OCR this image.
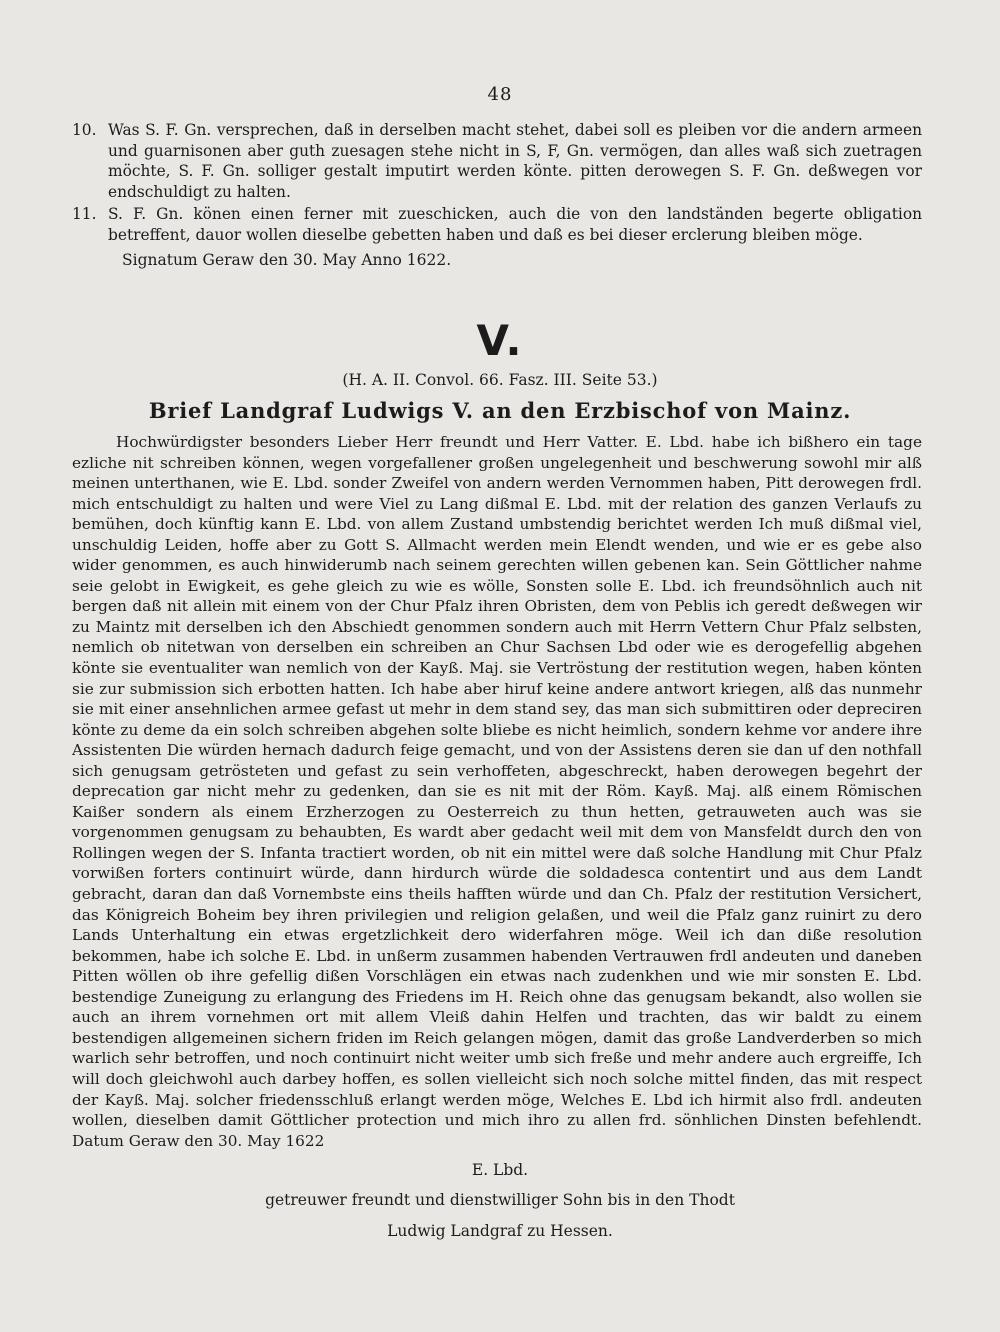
48
10. Was S. F. Gn. versprechen, daß in derselben macht stehet, dabei soll es pleiben vor die andern armeen und guarnisonen aber guth zuesagen stehe nicht in S, F, Gn. vermögen, dan alles waß sich zuetragen möchte, S. F. Gn. solliger gestalt imputirt werden könte. pitten derowegen S. F. Gn. deßwegen vor endschuldigt zu halten.
11. S. F. Gn. könen einen ferner mit zueschicken, auch die von den landständen begerte obligation betreffent, dauor wollen dieselbe gebetten haben und daß es bei dieser erclerung bleiben möge.
Signatum Geraw den 30. May Anno 1622.
V.
(H. A. II. Convol. 66. Fasz. III. Seite 53.)
Brief Landgraf Ludwigs V. an den Erzbischof von Mainz.

Hochwürdigster besonders Lieber Herr freundt und Herr Vatter. E. Lbd. habe ich bißhero ein tage ezliche nit schreiben können, wegen vorgefallener großen ungelegenheit und beschwerung sowohl mir alß meinen unterthanen, wie E. Lbd. sonder Zweifel von andern werden Vernommen haben, Pitt derowegen frdl. mich entschuldigt zu halten und were Viel zu Lang dißmal E. Lbd. mit der relation des ganzen Verlaufs zu bemühen, doch künftig kann E. Lbd. von allem Zustand umbstendig berichtet werden Ich muß dißmal viel, unschuldig Leiden, hoffe aber zu Gott S. Allmacht werden mein Elendt wenden, und wie er es gebe also wider genommen, es auch hinwiderumb nach seinem gerechten willen gebenen kan. Sein Göttlicher nahme seie gelobt in Ewigkeit, es gehe gleich zu wie es wölle, Sonsten solle E. Lbd. ich freundsöhnlich auch nit bergen daß nit allein mit einem von der Chur Pfalz ihren Obristen, dem von Peblis ich geredt deßwegen wir zu Maintz mit derselben ich den Abschiedt genommen sondern auch mit Herrn Vettern Chur Pfalz selbsten, nemlich ob nitetwan von derselben ein schreiben an Chur Sachsen Lbd oder wie es derogefellig abgehen könte sie eventualiter wan nemlich von der Kayß. Maj. sie Vertröstung der restitution wegen, haben könten sie zur submission sich erbotten hatten. Ich habe aber hiruf keine andere antwort kriegen, alß das nunmehr sie mit einer ansehnlichen armee gefast ut mehr in dem stand sey, das man sich submittiren oder depreciren könte zu deme da ein solch schreiben abgehen solte bliebe es nicht heimlich, sondern kehme vor andere ihre Assistenten Die würden hernach dadurch feige gemacht, und von der Assistens deren sie dan uf den nothfall sich genugsam getröstеten und gefast zu sein verhoffeten, abgeschreckt, haben derowegen begehrt der deprecation gar nicht mehr zu gedenken, dan sie es nit mit der Röm. Kayß. Maj. alß einem Römischen Kaißer sondern als einem Erzherzogen zu Oesterreich zu thun hetten, getrauweten auch was sie vorgenommen genugsam zu behaubten, Es wardt aber gedacht weil mit dem von Mansfeldt durch den von Rollingen wegen der S. Infanta tractiert worden, ob nit ein mittel were daß solche Handlung mit Chur Pfalz vorwißen forters continuirt würde, dann hirdurch würde die soldadesca contentirt und aus dem Landt gebracht, daran dan daß Vornembste eins theils hafften würde und dan Ch. Pfalz der restitution Versichert, das Königreich Boheim bey ihren privilegien und religion gelaßen, und weil die Pfalz ganz ruinirt zu dero Lands Unterhaltung ein etwas ergetzlichkeit dero widerfahren möge. Weil ich dan diße resolution bekommen, habe ich solche E. Lbd. in unßerm zusammen habenden Vertrauwen frdl andeuten und daneben Pitten wöllen ob ihre gefellig dißen Vorschlägen ein etwas nach zudenkhen und wie mir sonsten E. Lbd. bestendige Zuneigung zu erlangung des Friedens im H. Reich ohne das genugsam bekandt, also wollen sie auch an ihrem vornehmen ort mit allem Vleiß dahin Helfen und trachten, das wir baldt zu einem bestendigen allgemeinen sichern friden im Reich gelangen mögen, damit das große Landverderben so mich warlich sehr betroffen, und noch continuirt nicht weiter umb sich freße und mehr andere auch ergreiffe, Ich will doch gleichwohl auch darbey hoffen, es sollen vielleicht sich noch solche mittel finden, das mit respect der Kayß. Maj. solcher friedensschluß erlangt werden möge, Welches E. Lbd ich hirmit also frdl. andeuten wollen, dieselben damit Göttlicher protection und mich ihro zu allen frd. sönhlichen Dinsten befehlendt. Datum Geraw den 30. May 1622

E. Lbd.
getreuwer freundt und dienstwilliger Sohn bis in den Thodt
Ludwig Landgraf zu Hessen.
